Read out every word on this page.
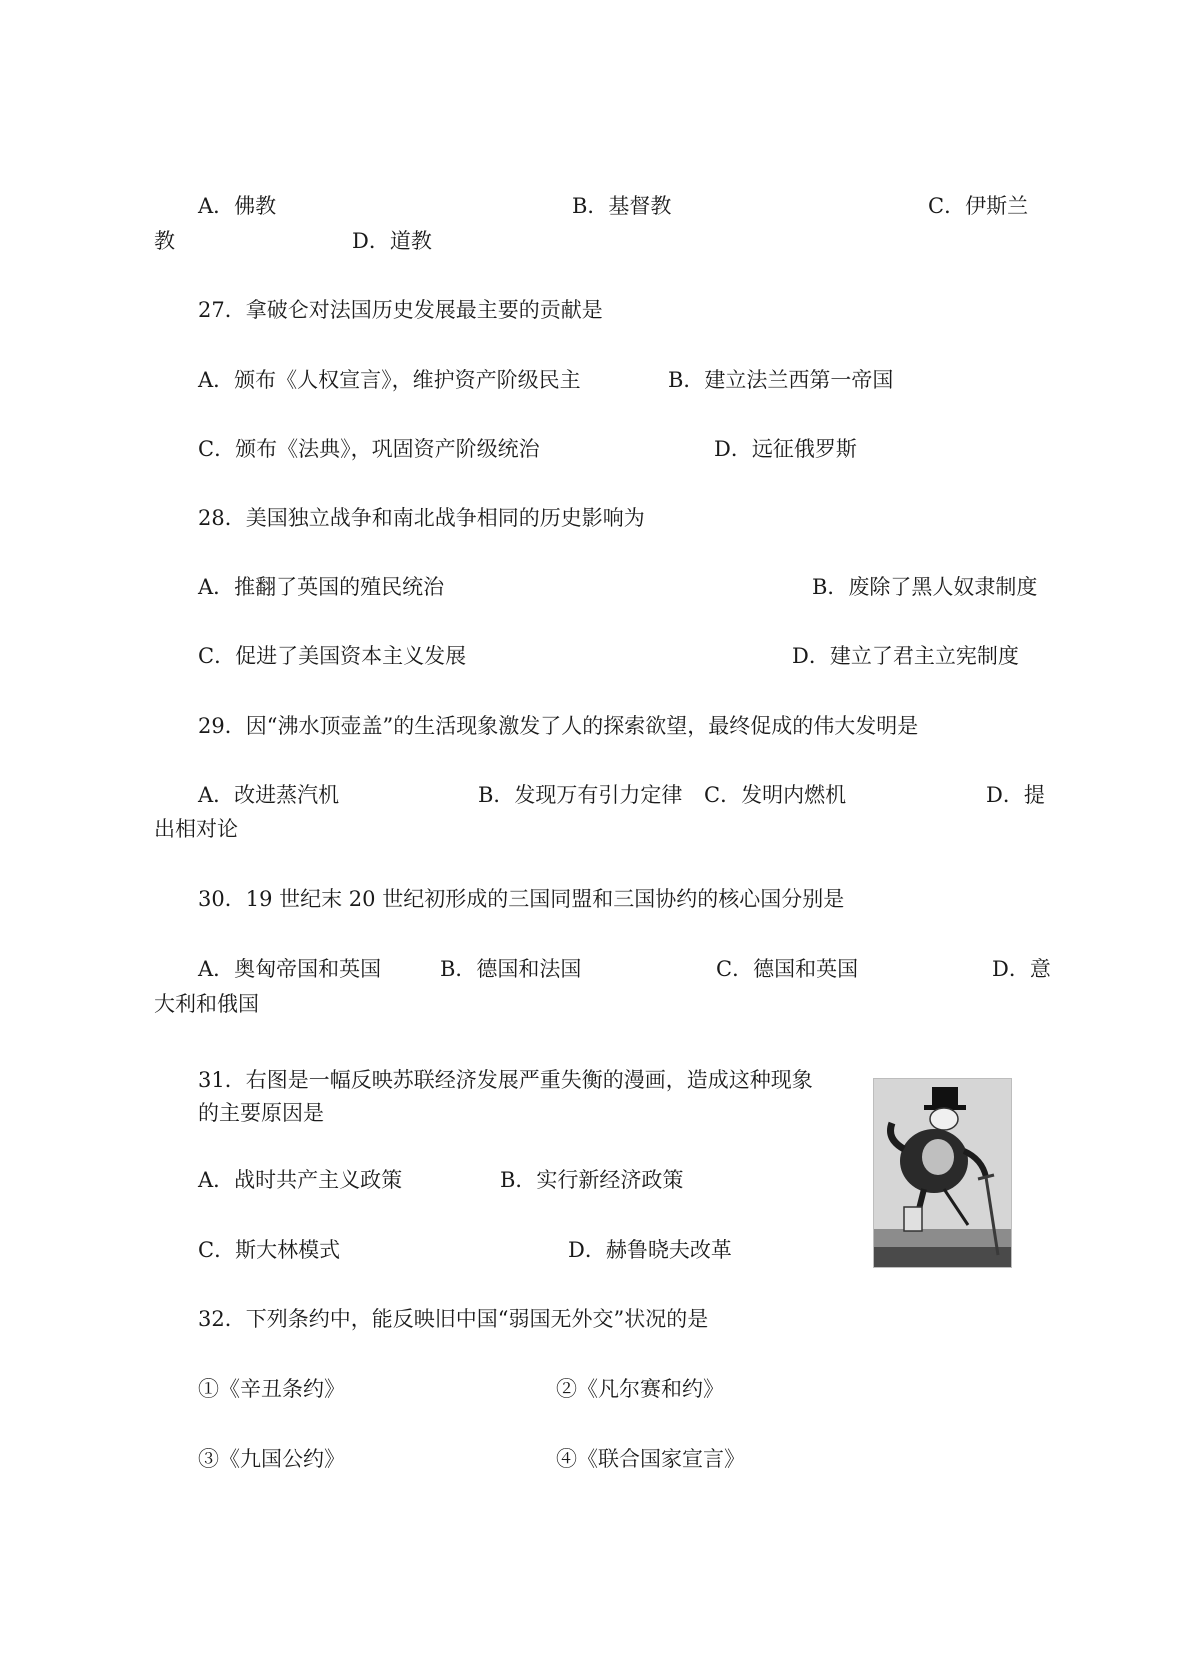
A．佛教	B．基督教	C．伊斯兰
教	D．道教
27．拿破仑对法国历史发展最主要的贡献是
A．颁布《人权宣言》，维护资产阶级民主	B．建立法兰西第一帝国
C．颁布《法典》，巩固资产阶级统治	D．远征俄罗斯
28．美国独立战争和南北战争相同的历史影响为
A．推翻了英国的殖民统治	B．废除了黑人奴隶制度
C．促进了美国资本主义发展	D．建立了君主立宪制度
29．因“沸水顶壶盖”的生活现象激发了人的探索欲望，最终促成的伟大发明是
A．改进蒸汽机	B．发现万有引力定律 C．发明内燃机	D．提
出相对论
30．19 世纪末 20 世纪初形成的三国同盟和三国协约的核心国分别是
A．奥匈帝国和英国	B．德国和法国	C．德国和英国	D．意
大利和俄国
31．右图是一幅反映苏联经济发展严重失衡的漫画，造成这种现象
的主要原因是
A．战时共产主义政策	B．实行新经济政策
C．斯大林模式	D．赫鲁晓夫改革
32．下列条约中，能反映旧中国“弱国无外交”状况的是
①《辛丑条约》	②《凡尔赛和约》
③《九国公约》	④《联合国家宣言》
